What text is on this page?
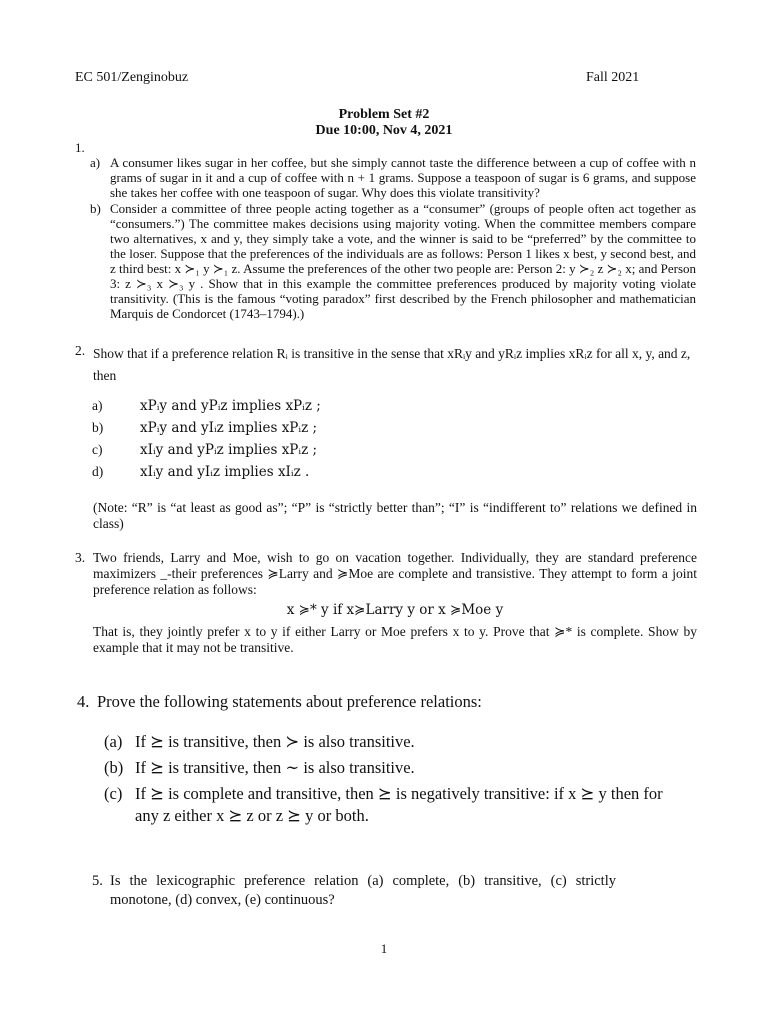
EC 501/Zenginobuz	Fall 2021
Problem Set #2
Due 10:00, Nov 4, 2021
1.
a) A consumer likes sugar in her coffee, but she simply cannot taste the difference between a cup of coffee with n grams of sugar in it and a cup of coffee with n + 1 grams. Suppose a teaspoon of sugar is 6 grams, and suppose she takes her coffee with one teaspoon of sugar. Why does this violate transitivity?
b) Consider a committee of three people acting together as a “consumer” (groups of people often act together as “consumers.”) The committee makes decisions using majority voting. When the committee members compare two alternatives, x and y, they simply take a vote, and the winner is said to be “preferred” by the committee to the loser. Suppose that the preferences of the individuals are as follows: Person 1 likes x best, y second best, and z third best: x ≻₁ y ≻₁ z. Assume the preferences of the other two people are: Person 2: y ≻₂ z ≻₂ x; and Person 3: z ≻₃ x ≻₃ y . Show that in this example the committee preferences produced by majority voting violate transitivity. (This is the famous “voting paradox” first described by the French philosopher and mathematician Marquis de Condorcet (1743–1794).)
2. Show that if a preference relation Rᵢ is transitive in the sense that xRᵢy and yRᵢz implies xRᵢz for all x, y, and z, then
a)	xPᵢy and yPᵢz implies xPᵢz ;
b)	xPᵢy and yIᵢz implies xPᵢz ;
c)	xIᵢy and yPᵢz implies xPᵢz ;
d)	xIᵢy and yIᵢz implies xIᵢz .
(Note: “R” is “at least as good as”; “P” is “strictly better than”; “I” is “indifferent to” relations we defined in class)
3. Two friends, Larry and Moe, wish to go on vacation together. Individually, they are standard preference maximizers _-their preferences ≽Larry and ≽Moe are complete and transistive. They attempt to form a joint preference relation as follows:
x ≽* y if x≽Larry y or x ≽Moe y
That is, they jointly prefer x to y if either Larry or Moe prefers x to y. Prove that ≽* is complete. Show by example that it may not be transitive.
4. Prove the following statements about preference relations:
(a) If ⪰ is transitive, then ≻ is also transitive.
(b) If ⪰ is transitive, then ∼ is also transitive.
(c) If ⪰ is complete and transitive, then ⪰ is negatively transitive: if x ⪰ y then for any z either x ⪰ z or z ⪰ y or both.
5. Is the lexicographic preference relation (a) complete, (b) transitive, (c) strictly monotone, (d) convex, (e) continuous?
1
